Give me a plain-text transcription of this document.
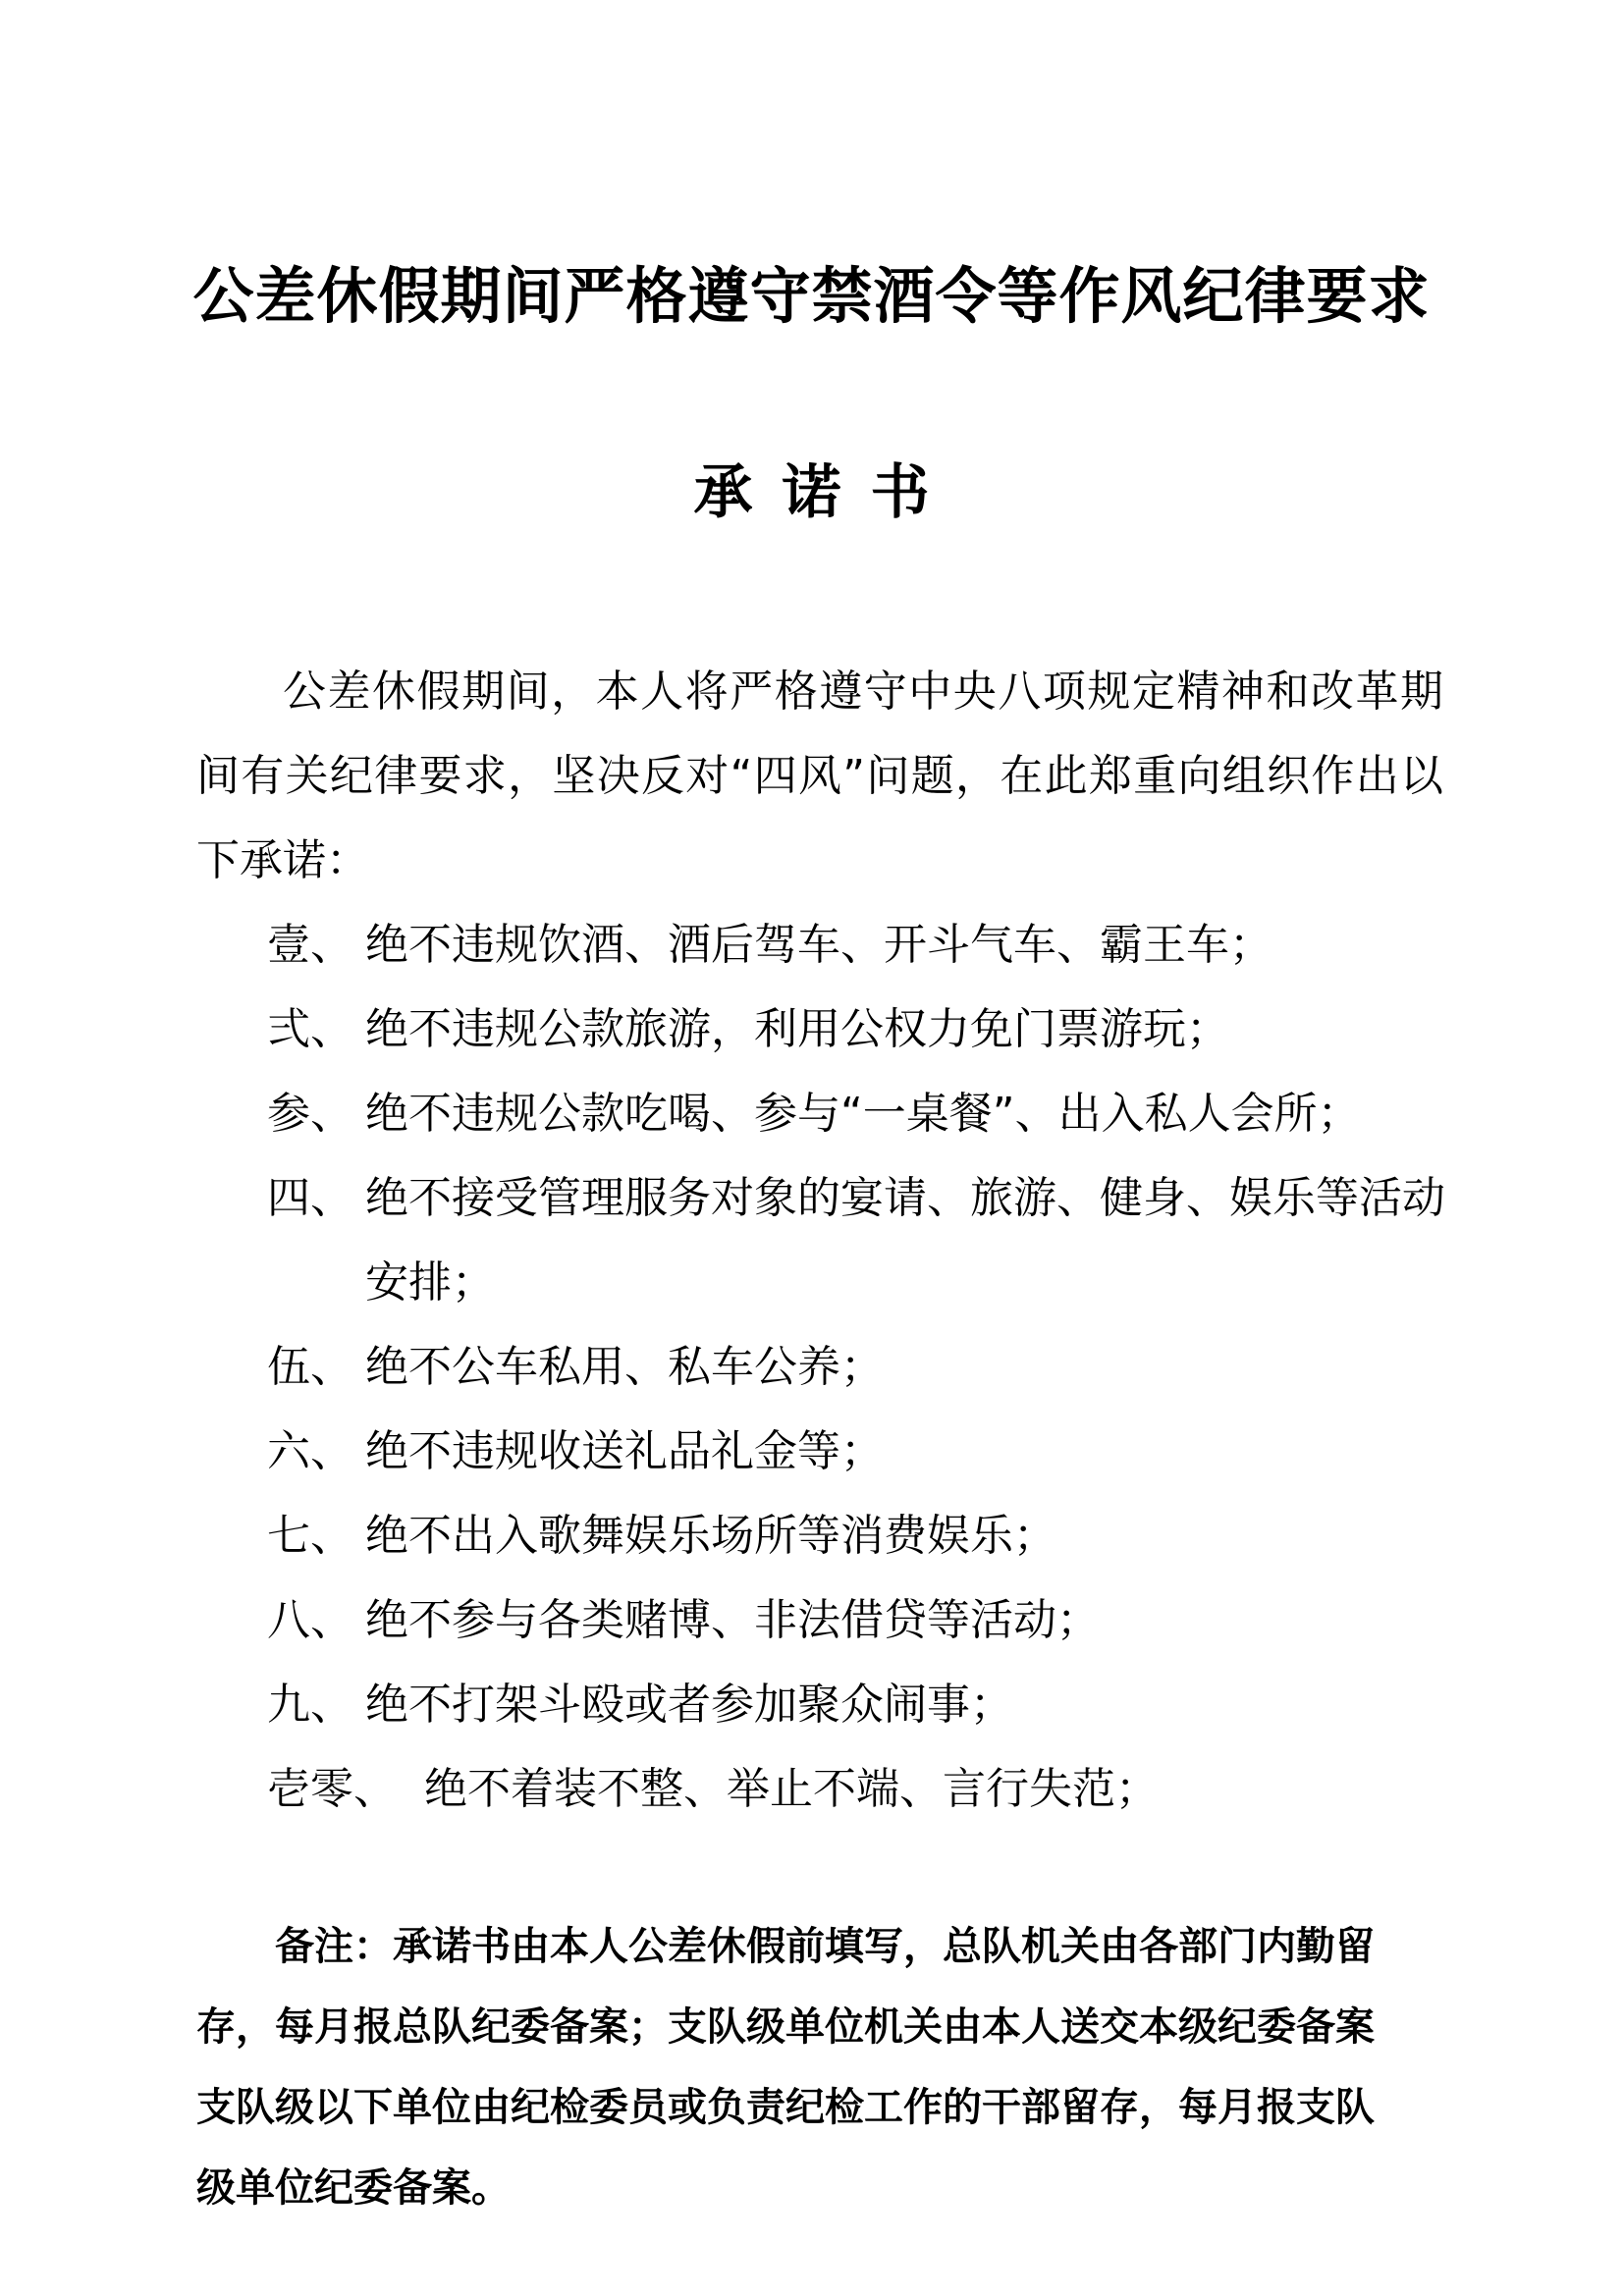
公差休假期间严格遵守禁酒令等作风纪律要求
承诺书

公差休假期间，本人将严格遵守中央八项规定精神和改革期间有关纪律要求，坚决反对“四风”问题，在此郑重向组织作出以下承诺：

壹、 绝不违规饮酒、酒后驾车、开斗气车、霸王车；
弍、 绝不违规公款旅游，利用公权力免门票游玩；
参、 绝不违规公款吃喝、参与“一桌餐”、出入私人会所；
四、 绝不接受管理服务对象的宴请、旅游、健身、娱乐等活动安排；
伍、 绝不公车私用、私车公养；
六、 绝不违规收送礼品礼金等；
七、 绝不出入歌舞娱乐场所等消费娱乐；
八、 绝不参与各类赌博、非法借贷等活动；
九、 绝不打架斗殴或者参加聚众闹事；
壱零、 绝不着装不整、举止不端、言行失范；

备注：承诺书由本人公差休假前填写，总队机关由各部门内勤留存，每月报总队纪委备案；支队级单位机关由本人送交本级纪委备案支队级以下单位由纪检委员或负责纪检工作的干部留存，每月报支队级单位纪委备案。
